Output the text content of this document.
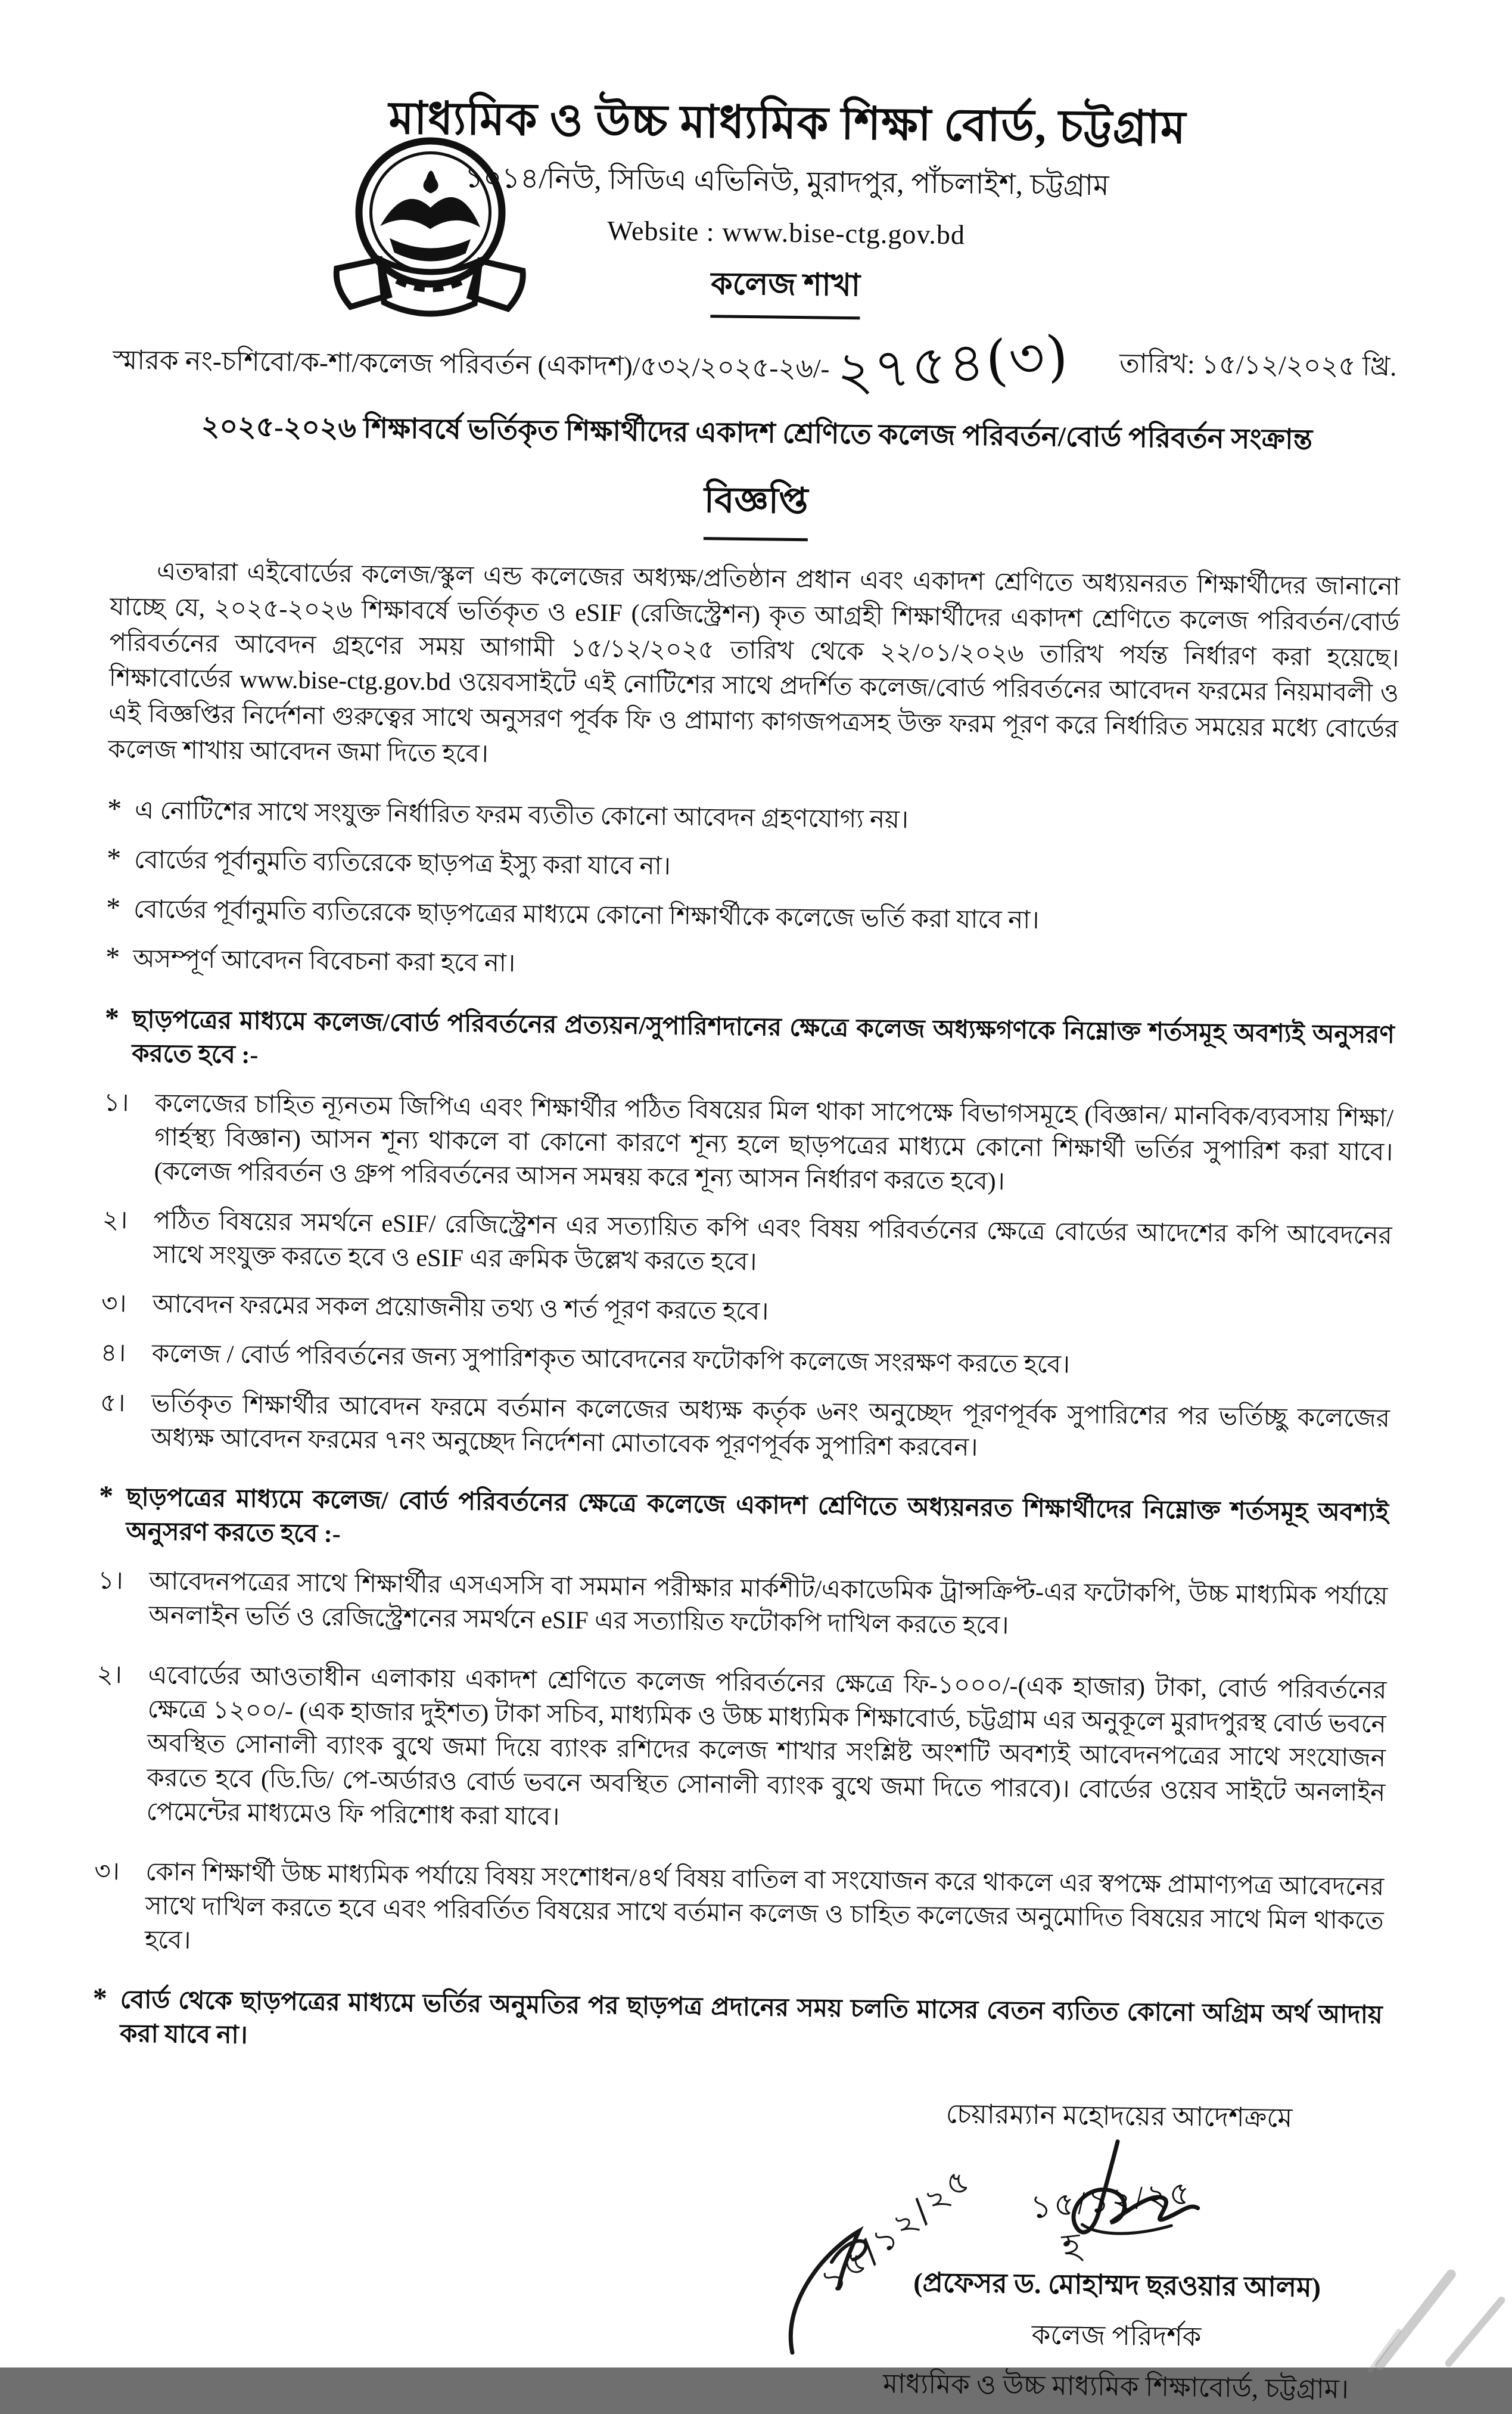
মাধ্যমিক ও উচ্চ মাধ্যমিক শিক্ষা বোর্ড, চট্টগ্রাম
১০১৪/নিউ, সিডিএ এভিনিউ, মুরাদপুর, পাঁচলাইশ, চট্টগ্রাম
Website : www.bise-ctg.gov.bd
কলেজ শাখা
স্মারক নং-চশিবো/ক-শা/কলেজ পরিবর্তন (একাদশ)/৫৩২/২০২৫-২৬/- ২৭৫৪(৩) তারিখ: ১৫/১২/২০২৫ খ্রি.
২০২৫-২০২৬ শিক্ষাবর্ষে ভর্তিকৃত শিক্ষার্থীদের একাদশ শ্রেণিতে কলেজ পরিবর্তন/বোর্ড পরিবর্তন সংক্রান্ত
বিজ্ঞপ্তি
এতদ্বারা এইবোর্ডের কলেজ/স্কুল এন্ড কলেজের অধ্যক্ষ/প্রতিষ্ঠান প্রধান এবং একাদশ শ্রেণিতে অধ্যয়নরত শিক্ষার্থীদের জানানো যাচ্ছে যে, ২০২৫-২০২৬ শিক্ষাবর্ষে ভর্তিকৃত ও eSIF (রেজিস্ট্রেশন) কৃত আগ্রহী শিক্ষার্থীদের একাদশ শ্রেণিতে কলেজ পরিবর্তন/বোর্ড পরিবর্তনের আবেদন গ্রহণের সময় আগামী ১৫/১২/২০২৫ তারিখ থেকে ২২/০১/২০২৬ তারিখ পর্যন্ত নির্ধারণ করা হয়েছে। শিক্ষাবোর্ডের www.bise-ctg.gov.bd ওয়েবসাইটে এই নোটিশের সাথে প্রদর্শিত কলেজ/বোর্ড পরিবর্তনের আবেদন ফরমের নিয়মাবলী ও এই বিজ্ঞপ্তির নির্দেশনা গুরুত্বের সাথে অনুসরণ পূর্বক ফি ও প্রামাণ্য কাগজপত্রসহ উক্ত ফরম পূরণ করে নির্ধারিত সময়ের মধ্যে বোর্ডের কলেজ শাখায় আবেদন জমা দিতে হবে।
* এ নোটিশের সাথে সংযুক্ত নির্ধারিত ফরম ব্যতীত কোনো আবেদন গ্রহণযোগ্য নয়।
* বোর্ডের পূর্বানুমতি ব্যতিরেকে ছাড়পত্র ইস্যু করা যাবে না।
* বোর্ডের পূর্বানুমতি ব্যতিরেকে ছাড়পত্রের মাধ্যমে কোনো শিক্ষার্থীকে কলেজে ভর্তি করা যাবে না।
* অসম্পূর্ণ আবেদন বিবেচনা করা হবে না।
* ছাড়পত্রের মাধ্যমে কলেজ/বোর্ড পরিবর্তনের প্রত্যয়ন/সুপারিশদানের ক্ষেত্রে কলেজ অধ্যক্ষগণকে নিম্নোক্ত শর্তসমূহ অবশ্যই অনুসরণ করতে হবে :-
১।	কলেজের চাহিত ন্যূনতম জিপিএ এবং শিক্ষার্থীর পঠিত বিষয়ের মিল থাকা সাপেক্ষে বিভাগসমূহে (বিজ্ঞান/ মানবিক/ব্যবসায় শিক্ষা/ গার্হস্থ্য বিজ্ঞান) আসন শূন্য থাকলে বা কোনো কারণে শূন্য হলে ছাড়পত্রের মাধ্যমে কোনো শিক্ষার্থী ভর্তির সুপারিশ করা যাবে। (কলেজ পরিবর্তন ও গ্রুপ পরিবর্তনের আসন সমন্বয় করে শূন্য আসন নির্ধারণ করতে হবে)।
২।	পঠিত বিষয়ের সমর্থনে eSIF/ রেজিস্ট্রেশন এর সত্যায়িত কপি এবং বিষয় পরিবর্তনের ক্ষেত্রে বোর্ডের আদেশের কপি আবেদনের সাথে সংযুক্ত করতে হবে ও eSIF এর ক্রমিক উল্লেখ করতে হবে।
৩।	আবেদন ফরমের সকল প্রয়োজনীয় তথ্য ও শর্ত পূরণ করতে হবে।
৪।	কলেজ / বোর্ড পরিবর্তনের জন্য সুপারিশকৃত আবেদনের ফটোকপি কলেজে সংরক্ষণ করতে হবে।
৫।	ভর্তিকৃত শিক্ষার্থীর আবেদন ফরমে বর্তমান কলেজের অধ্যক্ষ কর্তৃক ৬নং অনুচ্ছেদ পূরণপূর্বক সুপারিশের পর ভর্তিচ্ছু কলেজের অধ্যক্ষ আবেদন ফরমের ৭নং অনুচ্ছেদ নির্দেশনা মোতাবেক পূরণপূর্বক সুপারিশ করবেন।
* ছাড়পত্রের মাধ্যমে কলেজ/ বোর্ড পরিবর্তনের ক্ষেত্রে কলেজে একাদশ শ্রেণিতে অধ্যয়নরত শিক্ষার্থীদের নিম্নোক্ত শর্তসমূহ অবশ্যই অনুসরণ করতে হবে :-
১।	আবেদনপত্রের সাথে শিক্ষার্থীর এসএসসি বা সমমান পরীক্ষার মার্কশীট/একাডেমিক ট্রান্সক্রিপ্ট-এর ফটোকপি, উচ্চ মাধ্যমিক পর্যায়ে অনলাইন ভর্তি ও রেজিস্ট্রেশনের সমর্থনে eSIF এর সত্যায়িত ফটোকপি দাখিল করতে হবে।
২।	এবোর্ডের আওতাধীন এলাকায় একাদশ শ্রেণিতে কলেজ পরিবর্তনের ক্ষেত্রে ফি-১০০০/-(এক হাজার) টাকা, বোর্ড পরিবর্তনের ক্ষেত্রে ১২০০/- (এক হাজার দুইশত) টাকা সচিব, মাধ্যমিক ও উচ্চ মাধ্যমিক শিক্ষাবোর্ড, চট্টগ্রাম এর অনুকূলে মুরাদপুরস্থ বোর্ড ভবনে অবস্থিত সোনালী ব্যাংক বুথে জমা দিয়ে ব্যাংক রশিদের কলেজ শাখার সংশ্লিষ্ট অংশটি অবশ্যই আবেদনপত্রের সাথে সংযোজন করতে হবে (ডি.ডি/ পে-অর্ডারও বোর্ড ভবনে অবস্থিত সোনালী ব্যাংক বুথে জমা দিতে পারবে)। বোর্ডের ওয়েব সাইটে অনলাইন পেমেন্টের মাধ্যমেও ফি পরিশোধ করা যাবে।
৩।	কোন শিক্ষার্থী উচ্চ মাধ্যমিক পর্যায়ে বিষয় সংশোধন/৪র্থ বিষয় বাতিল বা সংযোজন করে থাকলে এর স্বপক্ষে প্রামাণ্যপত্র আবেদনের সাথে দাখিল করতে হবে এবং পরিবর্তিত বিষয়ের সাথে বর্তমান কলেজ ও চাহিত কলেজের অনুমোদিত বিষয়ের সাথে মিল থাকতে হবে।
* বোর্ড থেকে ছাড়পত্রের মাধ্যমে ভর্তির অনুমতির পর ছাড়পত্র প্রদানের সময় চলতি মাসের বেতন ব্যতিত কোনো অগ্রিম অর্থ আদায় করা যাবে না।
চেয়ারম্যান মহোদয়ের আদেশক্রমে
হ​
১৫/১২/২৫
(প্রফেসর ড. মোহাম্মদ ছরওয়ার আলম)
কলেজ পরিদর্শক
মাধ্যমিক ও উচ্চ মাধ্যমিক শিক্ষাবোর্ড, চট্টগ্রাম।
১৫/১২/২৫
